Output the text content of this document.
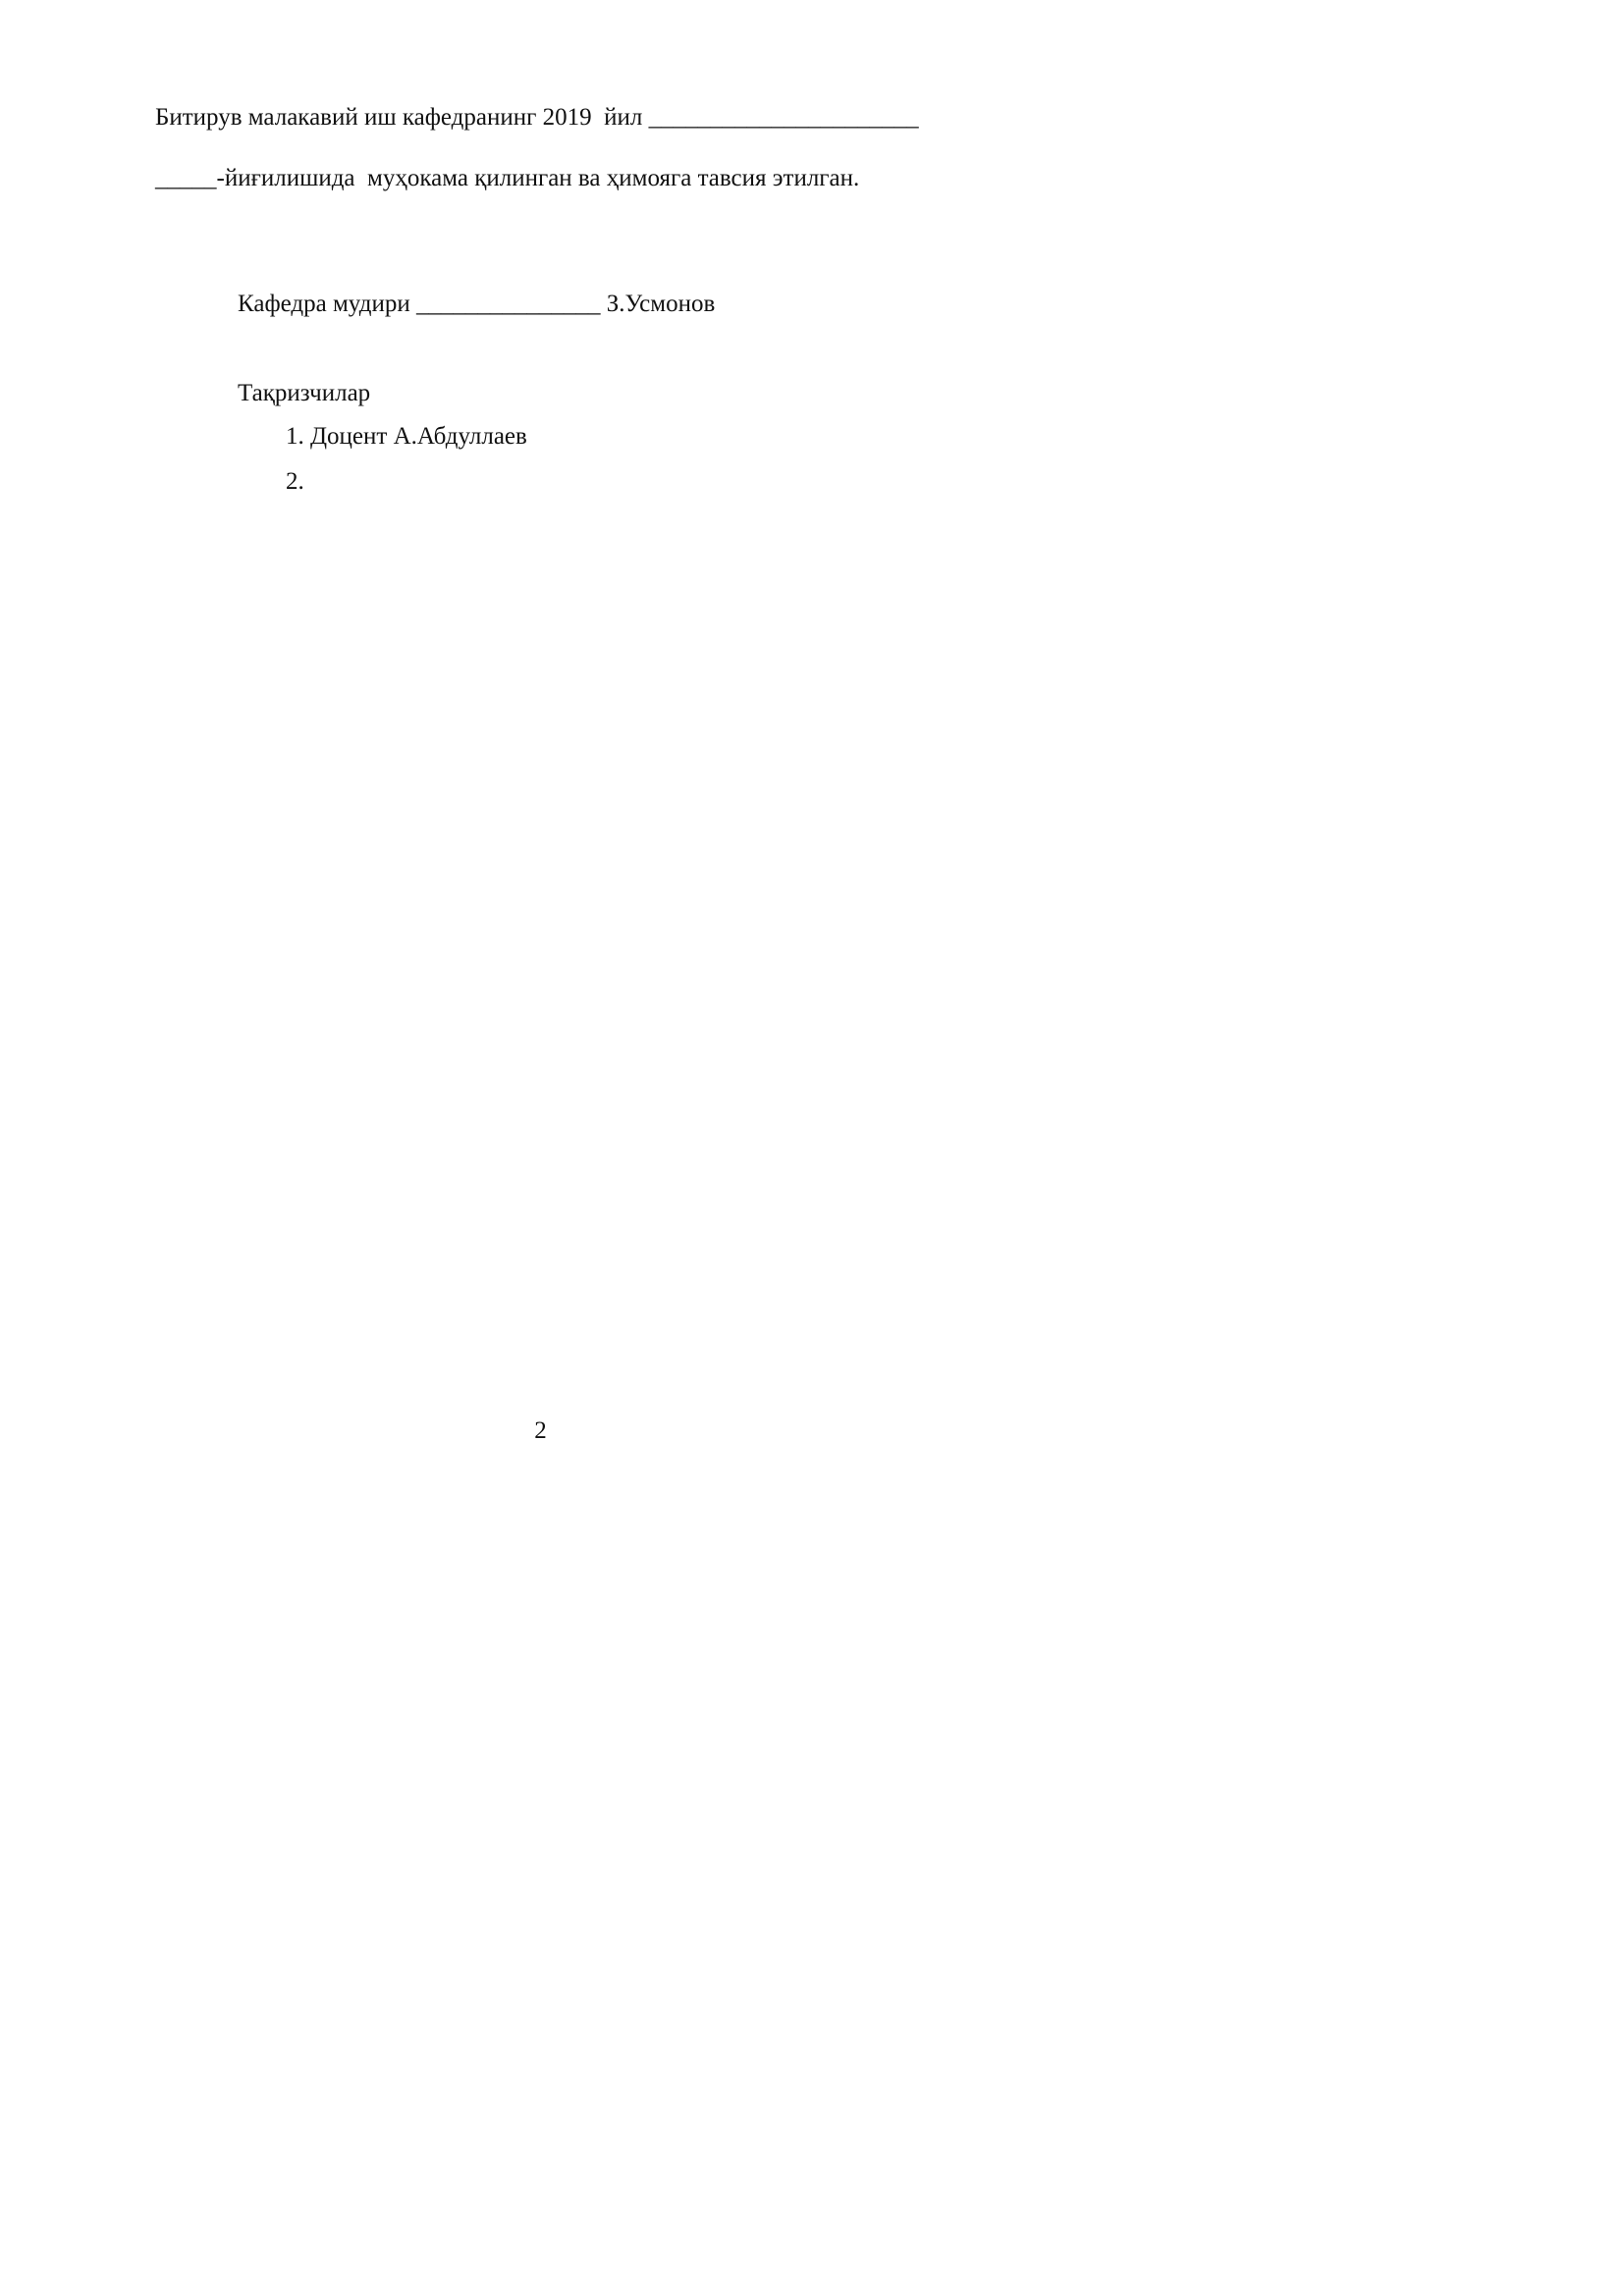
Битирув малакавий иш кафедранинг 2019  йил ______________________
_____-йиғилишида  муҳокама қилинган ва ҳимояга тавсия этилган.
Кафедра мудири _______________ З.Усмонов
Тақризчилар
1. Доцент А.Абдуллаев
2.
2
